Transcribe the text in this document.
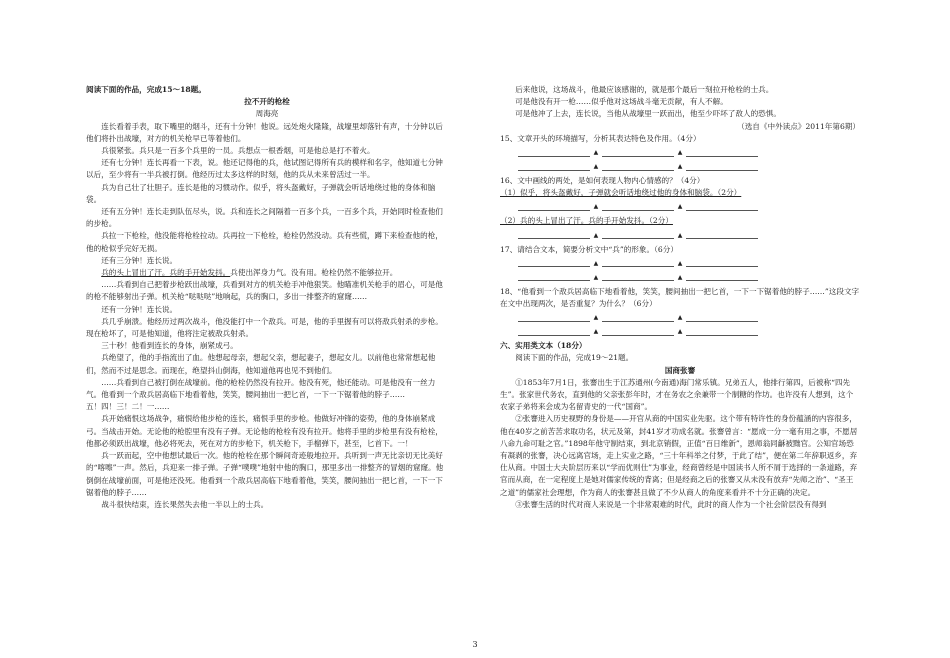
阅读下面的作品，完成15～18题。

拉不开的枪栓

周海亮

连长看着手表，取下嘴里的烟斗，还有十分钟！他说。远处炮火隆隆，战壕里却落针有声，十分钟以后他们将扑出战壕，对方的机关枪早已等着他们。

兵很紧张。兵只是一百多个兵里的一员。兵想点一根香烟，可是他总是打不着火。

还有七分钟！连长再看一下表，说。他还记得他的兵，他试图记得所有兵的模样和名字，他知道七分钟以后，至少将有一半兵被打倒。他经历过太多这样的时刻，他的兵从未来曾活过一半。

兵为自己壮了壮胆子。连长是他的习惯动作。似乎，将头盔戴好，子弹就会听话地绕过他的身体和脑袋。

还有五分钟！连长走到队伍尽头，说。兵和连长之间隔着一百多个兵，一百多个兵，开始同时检查他们的步枪。

兵拉一下枪栓，他没能将枪栓拉动。兵再拉一下枪栓，枪栓仍然没动。兵有些慌，蹲下来检查他的枪，他的枪似乎完好无损。

还有三分钟！连长说。

兵的头上冒出了汗。兵的手开始发抖。兵使出浑身力气。没有用。枪栓仍然不能够拉开。

……兵看到自己把着步枪跃出战壕，兵看到对方的机关枪手冲他狠笑。他瞄准机关枪手的眉心，可是他的枪不能够射出子弹。机关枪“哒哒哒”地响起，兵的胸口，多出一排整齐的窟窿……

还有一分钟！连长说。

兵几乎崩溃。他经历过两次战斗，他没能打中一个敌兵。可是，他的手里握有可以将敌兵射杀的步枪。现在枪坏了，可是他知道，他将注定被敌兵射杀。

三十秒！他看到连长的身体，崩紧成弓。

兵绝望了，他的手指流出了血。他想起母亲，想起父亲，想起妻子，想起女儿。以前他也常常想起他们，然而不过是思念。而现在，绝望抖山倒海，他知道他再也见不到他们。

……兵看到自己被打倒在战壕前。他的枪栓仍然没有拉开。他没有死，他还能动。可是他没有一丝力气。他看到一个敌兵居高临下地看着他，笑笑，腰间抽出一把匕首，一下一下锯着他的脖子……

五！四！三！二！一……

兵开始痛恨这场战争，痛恨给他步枪的连长，痛恨手里的步枪。他做好冲锋的姿势，他的身体崩紧成弓。当战击开始。无论他的枪腔里有没有子弹。无论他的枪栓有没有拉开。他将手里的步枪里有没有枪栓，他都必须跃出战壕，他必将死去，死在对方的步枪下，机关枪下，手榴弹下，甚至，匕首下。一！

兵一跃而起，空中他想试最后一次。他的枪栓在那个瞬间奇迹般地拉开。兵听到一声无比亲切无比美好的“喀嚓”一声。然后，兵迎来一排子弹。子弹“噗噗”地射中他的胸口，那里多出一排整齐的冒烟的窟窿。他倒倒在战壕前面，可是他还没死。他看到一个敌兵居高临下地看着他，笑笑，腰间抽出一把匕首，一下一下锯着他的脖子……

战斗很快结束，连长果然失去他一半以上的士兵。

后来他说，这场战斗，他最应该感谢的，就是那个最后一刻拉开枪栓的士兵。

可是他没有开一枪……似乎他对这场战斗毫无贡献，有人不解。

可是他冲了上去，连长说，当他从战壕里一跃而出，他至少吓坏了敌人的恐惧。

（选自《中外读点》2011年第6期）

15、文章开头的环境描写，分析其表达特色及作用。（4分）

▲	▲
▲	▲

16、文中画线的两处，是如何表现人物内心情感的？（4分）

（1）似乎，将头盔戴好，子弹就会听话地绕过他的身体和脑袋。（2分）

▲	▲

（2）兵的头上冒出了汗。兵的手开始发抖。（2分）

▲	▲

17、请结合文本，简要分析文中“兵”的形象。（6分）

▲	▲
▲	▲

18、“他看到一个敌兵居高临下地看着他，笑笑，腰间抽出一把匕首，一下一下锯着他的脖子……”这段文字在文中出现两次，是否重复？为什么？（6分）

▲	▲
▲	▲

六、实用类文本（18分）

阅读下面的作品，完成19～21题。

国商张謇

①1853年7月1日，张謇出生于江苏通州(今南通)海门常乐镇。兄弟五人，他排行第四，后被称“四先生”。张家世代务农，直到他的父亲张彭年时，才在务农之余兼带一个制糖的作坊。也许没有人想到，这个农家子弟将来会成为名留青史的一代“国商”。

②张謇进入历史视野的身份是——开官从商的中国实业先驱。这个带有特许性的身份蕴涵的内容很多，他在40岁之前苦苦求取功名，状元及第，封41岁才功成名就。张謇曾言：“愿成一分一毫有用之事，不愿居八命九命可耻之官。”1898年他守制结束，到北京销假，正值“百日维新”，恩师翁同龢被黜官。公知官场恐有凝剥的张謇，决心远离官场，走上实业之路，“三十年科举之付梦，于此了结”，便在第二年辞职返乡，弃仕从商。中国士大夫阶层历来以“学而优则仕”为事业，经商曾经是中国读书人所不屑于选择的一条道路，弃官而从商，在一定程度上是她对儒家传统的背离；但是经商之后的张謇又从未没有放弃“先师之治”、“圣王之道”的儒家社会理想，作为商人的张謇甚且做了不少从商人的角度来看并不十分正确的决定。

③张謇生活的时代对商人来说是一个非常艰难的时代，此时的商人作为一个社会阶层没有得到

3
